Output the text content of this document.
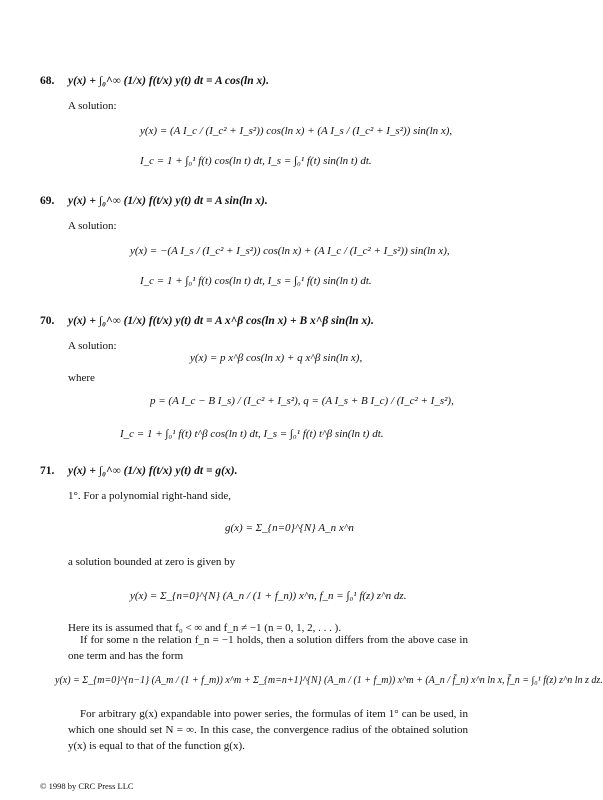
68. y(x) + ∫₀^∞ (1/x) f(t/x) y(t) dt = A cos(ln x).
A solution:
y(x) = (A I_c / (I_c² + I_s²)) cos(ln x) + (A I_s / (I_c² + I_s²)) sin(ln x),
I_c = 1 + ∫₀¹ f(t) cos(ln t) dt, I_s = ∫₀¹ f(t) sin(ln t) dt.
69. y(x) + ∫₀^∞ (1/x) f(t/x) y(t) dt = A sin(ln x).
A solution:
y(x) = −(A I_s / (I_c² + I_s²)) cos(ln x) + (A I_c / (I_c² + I_s²)) sin(ln x),
I_c = 1 + ∫₀¹ f(t) cos(ln t) dt, I_s = ∫₀¹ f(t) sin(ln t) dt.
70. y(x) + ∫₀^∞ (1/x) f(t/x) y(t) dt = A x^β cos(ln x) + B x^β sin(ln x).
A solution:
y(x) = p x^β cos(ln x) + q x^β sin(ln x),
where
p = (A I_c − B I_s) / (I_c² + I_s²), q = (A I_s + B I_c) / (I_c² + I_s²),
I_c = 1 + ∫₀¹ f(t) t^β cos(ln t) dt, I_s = ∫₀¹ f(t) t^β sin(ln t) dt.
71. y(x) + ∫₀^∞ (1/x) f(t/x) y(t) dt = g(x).
1°. For a polynomial right-hand side,
g(x) = Σ_{n=0}^{N} A_n x^n
a solution bounded at zero is given by
y(x) = Σ_{n=0}^{N} (A_n / (1 + f_n)) x^n, f_n = ∫₀¹ f(z) z^n dz.
Here its is assumed that f₀ < ∞ and f_n ≠ −1 (n = 0, 1, 2, . . . ).
If for some n the relation f_n = −1 holds, then a solution differs from the above case in one term and has the form
y(x) = Σ_{m=0}^{n−1} (A_m / (1 + f_m)) x^m + Σ_{m=n+1}^{N} (A_m / (1 + f_m)) x^m + (A_n / f̄_n) x^n ln x, f̄_n = ∫₀¹ f(z) z^n ln z dz.
For arbitrary g(x) expandable into power series, the formulas of item 1° can be used, in which one should set N = ∞. In this case, the convergence radius of the obtained solution y(x) is equal to that of the function g(x).
© 1998 by CRC Press LLC
